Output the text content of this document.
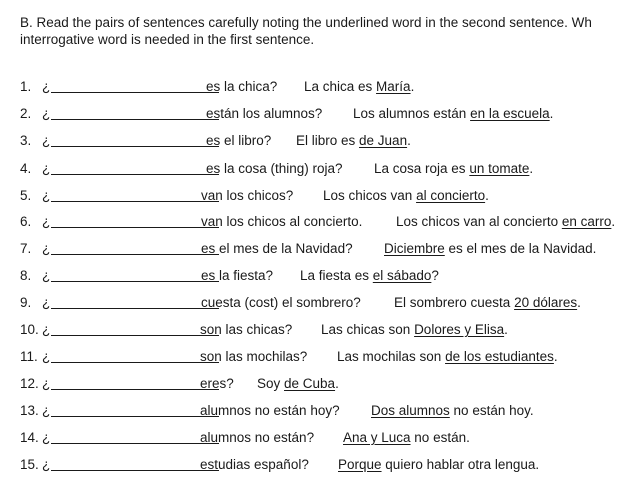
B. Read the pairs of sentences carefully noting the underlined word in the second sentence. Wh
interrogative word is needed in the first sentence.
1. ¿	es la chica? La chica es María.
2. ¿	están los alumnos? Los alumnos están en la escuela.
3. ¿	es el libro? El libro es de Juan.
4. ¿	es la cosa (thing) roja? La cosa roja es un tomate.
5. ¿	van los chicos? Los chicos van al concierto.
6. ¿	van los chicos al concierto. Los chicos van al concierto en carro.
7. ¿	es el mes de la Navidad? Diciembre es el mes de la Navidad.
8. ¿	es la fiesta? La fiesta es el sábado?
9. ¿	cuesta (cost) el sombrero? El sombrero cuesta 20 dólares.
10. ¿	son las chicas? Las chicas son Dolores y Elisa.
11. ¿	son las mochilas? Las mochilas son de los estudiantes.
12. ¿	eres? Soy de Cuba.
13. ¿	alumnos no están hoy? Dos alumnos no están hoy.
14. ¿	alumnos no están? Ana y Luca no están.
15. ¿	estudias español? Porque quiero hablar otra lengua.
